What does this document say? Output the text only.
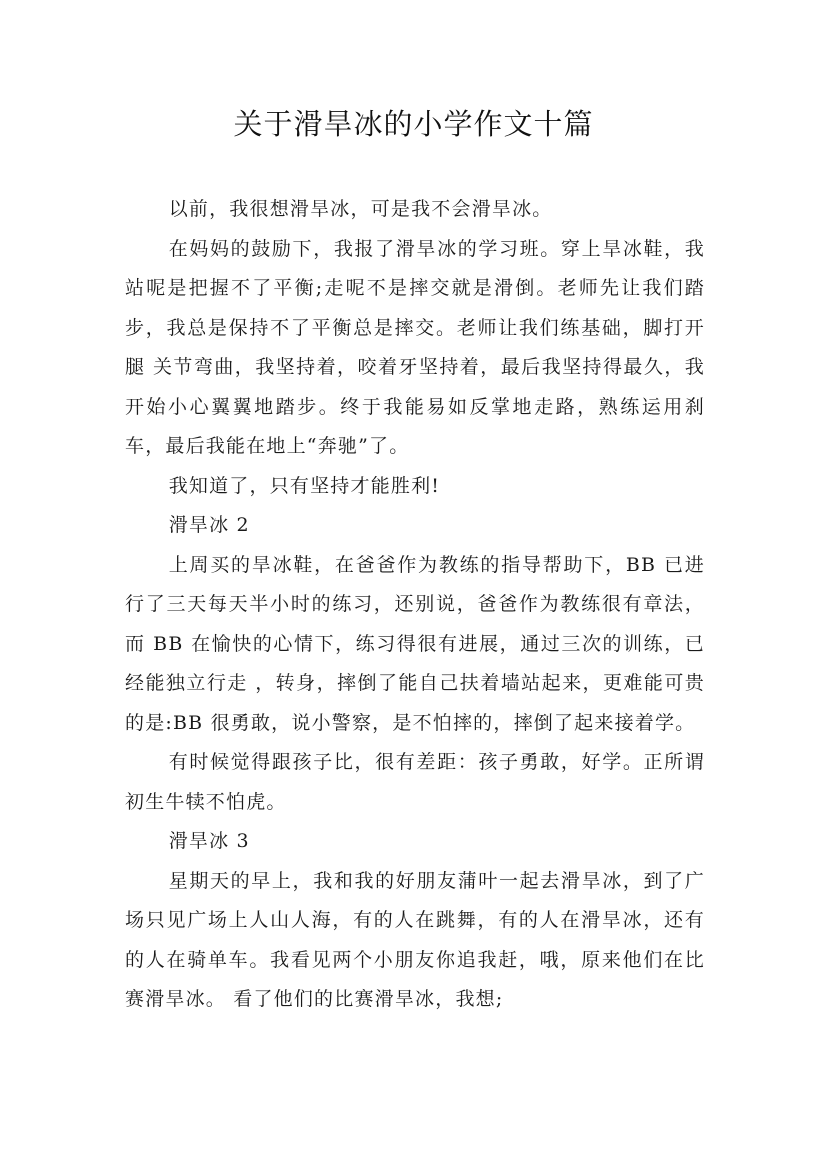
关于滑旱冰的小学作文十篇

以前，我很想滑旱冰，可是我不会滑旱冰。

在妈妈的鼓励下，我报了滑旱冰的学习班。穿上旱冰鞋，我站呢是把握不了平衡;走呢不是摔交就是滑倒。老师先让我们踏步，我总是保持不了平衡总是摔交。老师让我们练基础，脚打开腿 关节弯曲，我坚持着，咬着牙坚持着，最后我坚持得最久，我开始小心翼翼地踏步。终于我能易如反掌地走路，熟练运用刹车，最后我能在地上“奔驰”了。

我知道了，只有坚持才能胜利!

滑旱冰 2

上周买的旱冰鞋，在爸爸作为教练的指导帮助下，BB 已进行了三天每天半小时的练习，还别说，爸爸作为教练很有章法，而 BB 在愉快的心情下，练习得很有进展，通过三次的训练，已经能独立行走 ，转身，摔倒了能自己扶着墙站起来，更难能可贵的是:BB 很勇敢，说小警察，是不怕摔的，摔倒了起来接着学。

有时候觉得跟孩子比，很有差距：孩子勇敢，好学。正所谓初生牛犊不怕虎。

滑旱冰 3

星期天的早上，我和我的好朋友蒲叶一起去滑旱冰，到了广场只见广场上人山人海，有的人在跳舞，有的人在滑旱冰，还有的人在骑单车。我看见两个小朋友你追我赶，哦，原来他们在比赛滑旱冰。 看了他们的比赛滑旱冰，我想;
